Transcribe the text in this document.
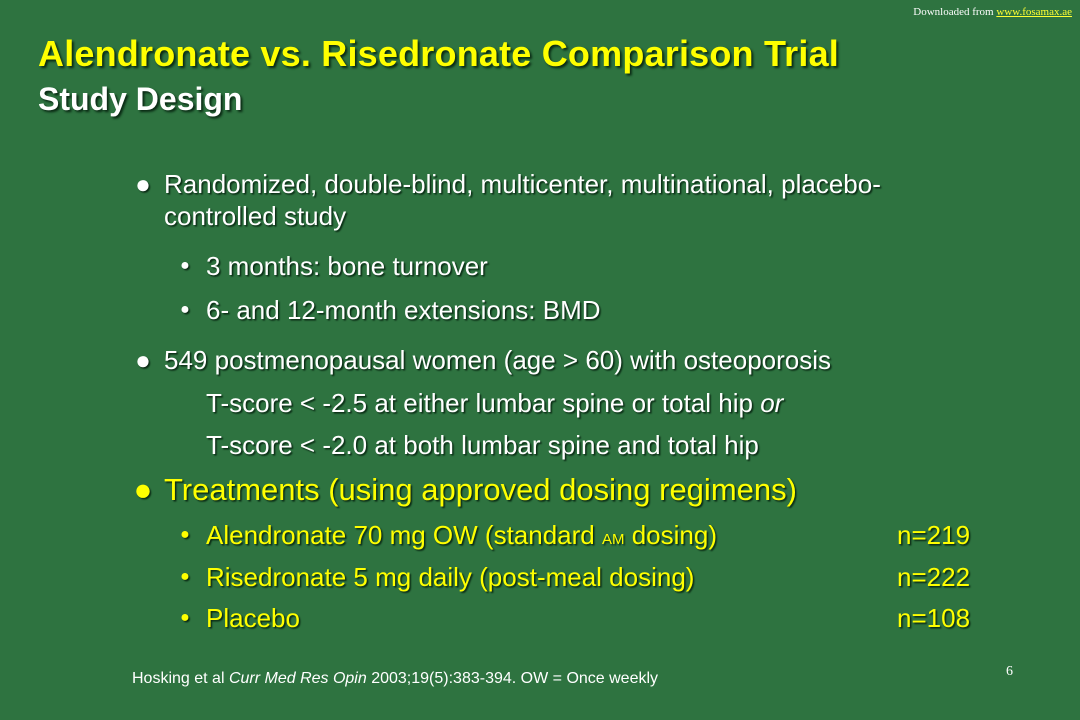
Downloaded from www.fosamax.ae
Alendronate vs. Risedronate Comparison Trial
Study Design
● Randomized, double-blind, multicenter, multinational, placebo-
controlled study
● 3 months: bone turnover
● 6- and 12-month extensions: BMD
● 549 postmenopausal women (age > 60) with osteoporosis
T-score < -2.5 at either lumbar spine or total hip or
T-score < -2.0 at both lumbar spine and total hip
● Treatments (using approved dosing regimens)
● Alendronate 70 mg OW (standard AM dosing)	n=219
● Risedronate 5 mg daily (post-meal dosing)	n=222
● Placebo	n=108
Hosking et al Curr Med Res Opin 2003;19(5):383-394. OW = Once weekly	6
